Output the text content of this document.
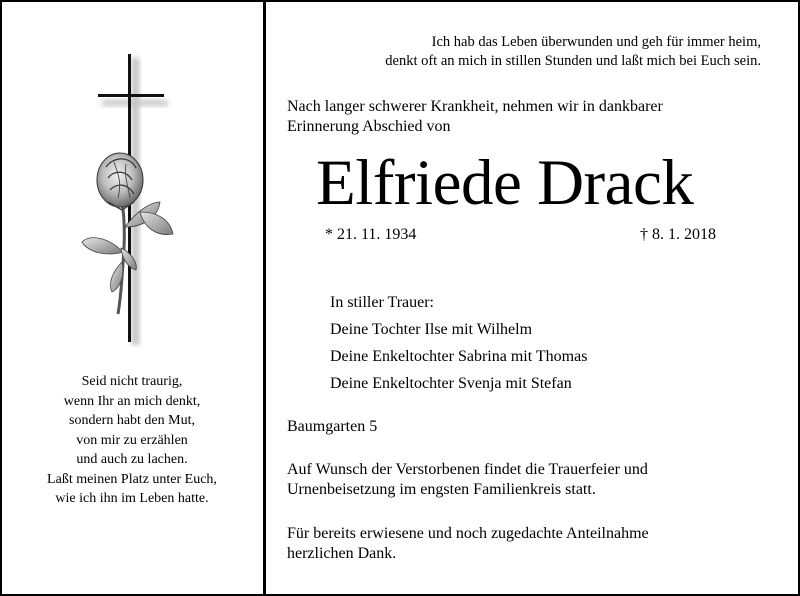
Seid nicht traurig,
wenn Ihr an mich denkt,
sondern habt den Mut,
von mir zu erzählen
und auch zu lachen.
Laßt meinen Platz unter Euch,
wie ich ihn im Leben hatte.
Ich hab das Leben überwunden und geh für immer heim,
denkt oft an mich in stillen Stunden und laßt mich bei Euch sein.
Nach langer schwerer Krankheit, nehmen wir in dankbarer
Erinnerung Abschied von
Elfriede Drack
* 21. 11. 1934	† 8. 1. 2018
In stiller Trauer:
Deine Tochter Ilse mit Wilhelm
Deine Enkeltochter Sabrina mit Thomas
Deine Enkeltochter Svenja mit Stefan
Baumgarten 5
Auf Wunsch der Verstorbenen findet die Trauerfeier und
Urnenbeisetzung im engsten Familienkreis statt.
Für bereits erwiesene und noch zugedachte Anteilnahme
herzlichen Dank.
